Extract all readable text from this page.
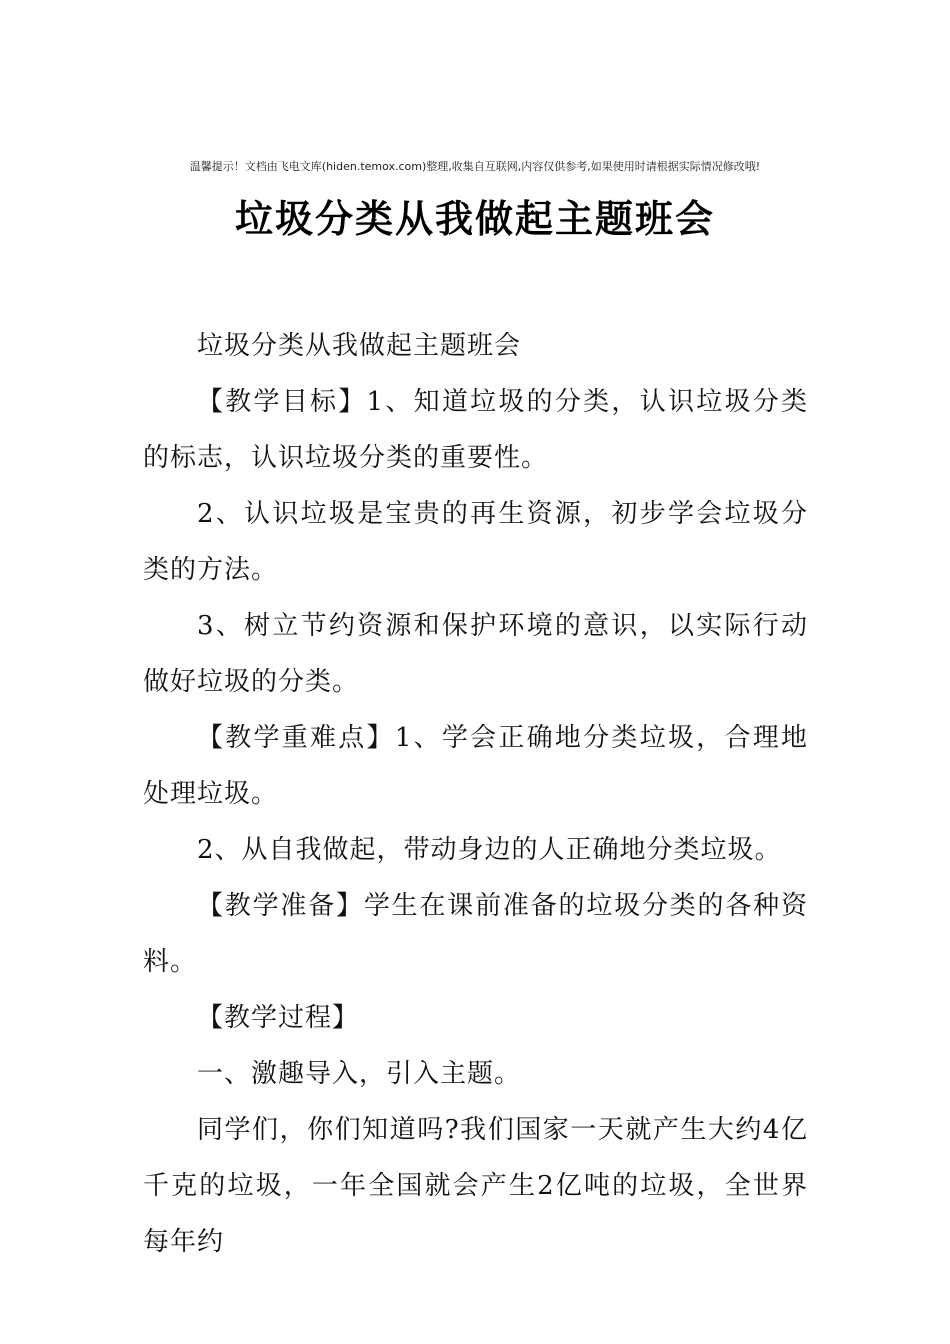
温馨提示！文档由飞电文库(hiden.temox.com)整理,收集自互联网,内容仅供参考,如果使用时请根据实际情况修改哦!
垃圾分类从我做起主题班会

垃圾分类从我做起主题班会

【教学目标】1、知道垃圾的分类，认识垃圾分类的标志，认识垃圾分类的重要性。

2、认识垃圾是宝贵的再生资源，初步学会垃圾分类的方法。

3、树立节约资源和保护环境的意识，以实际行动做好垃圾的分类。

【教学重难点】1、学会正确地分类垃圾，合理地处理垃圾。

2、从自我做起，带动身边的人正确地分类垃圾。

【教学准备】学生在课前准备的垃圾分类的各种资料。

【教学过程】

一、激趣导入，引入主题。

同学们，你们知道吗?我们国家一天就产生大约4亿千克的垃圾，一年全国就会产生2亿吨的垃圾，全世界每年约
